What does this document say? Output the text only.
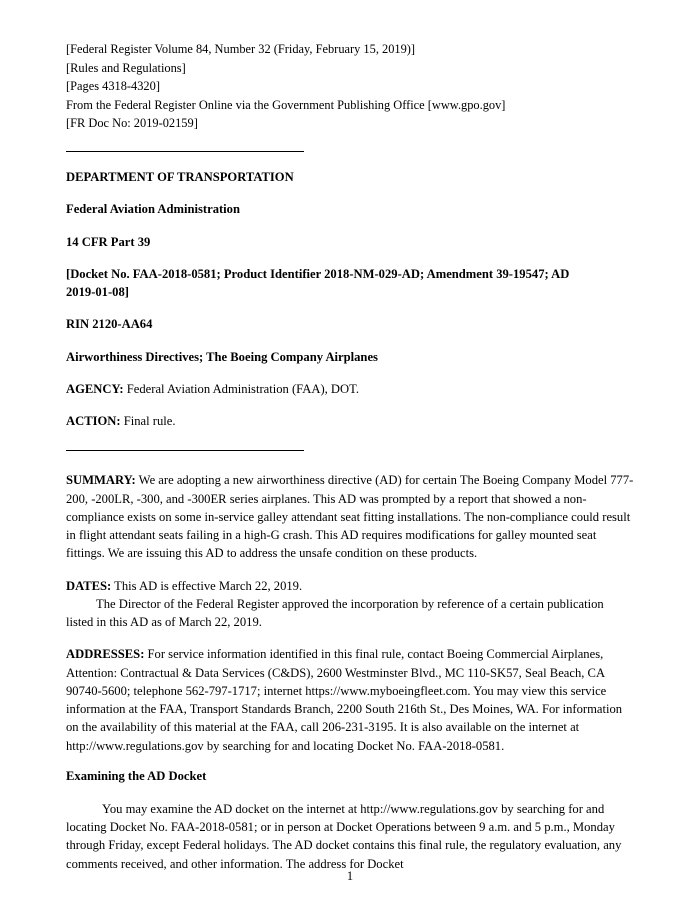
[Federal Register Volume 84, Number 32 (Friday, February 15, 2019)]
[Rules and Regulations]
[Pages 4318-4320]
From the Federal Register Online via the Government Publishing Office [www.gpo.gov]
[FR Doc No: 2019-02159]
DEPARTMENT OF TRANSPORTATION
Federal Aviation Administration
14 CFR Part 39
[Docket No. FAA-2018-0581; Product Identifier 2018-NM-029-AD; Amendment 39-19547; AD
2019-01-08]
RIN 2120-AA64
Airworthiness Directives; The Boeing Company Airplanes
AGENCY: Federal Aviation Administration (FAA), DOT.
ACTION: Final rule.
SUMMARY: We are adopting a new airworthiness directive (AD) for certain The Boeing Company Model 777-200, -200LR, -300, and -300ER series airplanes. This AD was prompted by a report that showed a non-compliance exists on some in-service galley attendant seat fitting installations. The non-compliance could result in flight attendant seats failing in a high-G crash. This AD requires modifications for galley mounted seat fittings. We are issuing this AD to address the unsafe condition on these products.
DATES: This AD is effective March 22, 2019.
The Director of the Federal Register approved the incorporation by reference of a certain publication listed in this AD as of March 22, 2019.
ADDRESSES: For service information identified in this final rule, contact Boeing Commercial Airplanes, Attention: Contractual & Data Services (C&DS), 2600 Westminster Blvd., MC 110-SK57, Seal Beach, CA 90740-5600; telephone 562-797-1717; internet https://www.myboeingfleet.com. You may view this service information at the FAA, Transport Standards Branch, 2200 South 216th St., Des Moines, WA. For information on the availability of this material at the FAA, call 206-231-3195. It is also available on the internet at http://www.regulations.gov by searching for and locating Docket No. FAA-2018-0581.
Examining the AD Docket
You may examine the AD docket on the internet at http://www.regulations.gov by searching for and locating Docket No. FAA-2018-0581; or in person at Docket Operations between 9 a.m. and 5 p.m., Monday through Friday, except Federal holidays. The AD docket contains this final rule, the regulatory evaluation, any comments received, and other information. The address for Docket
1
